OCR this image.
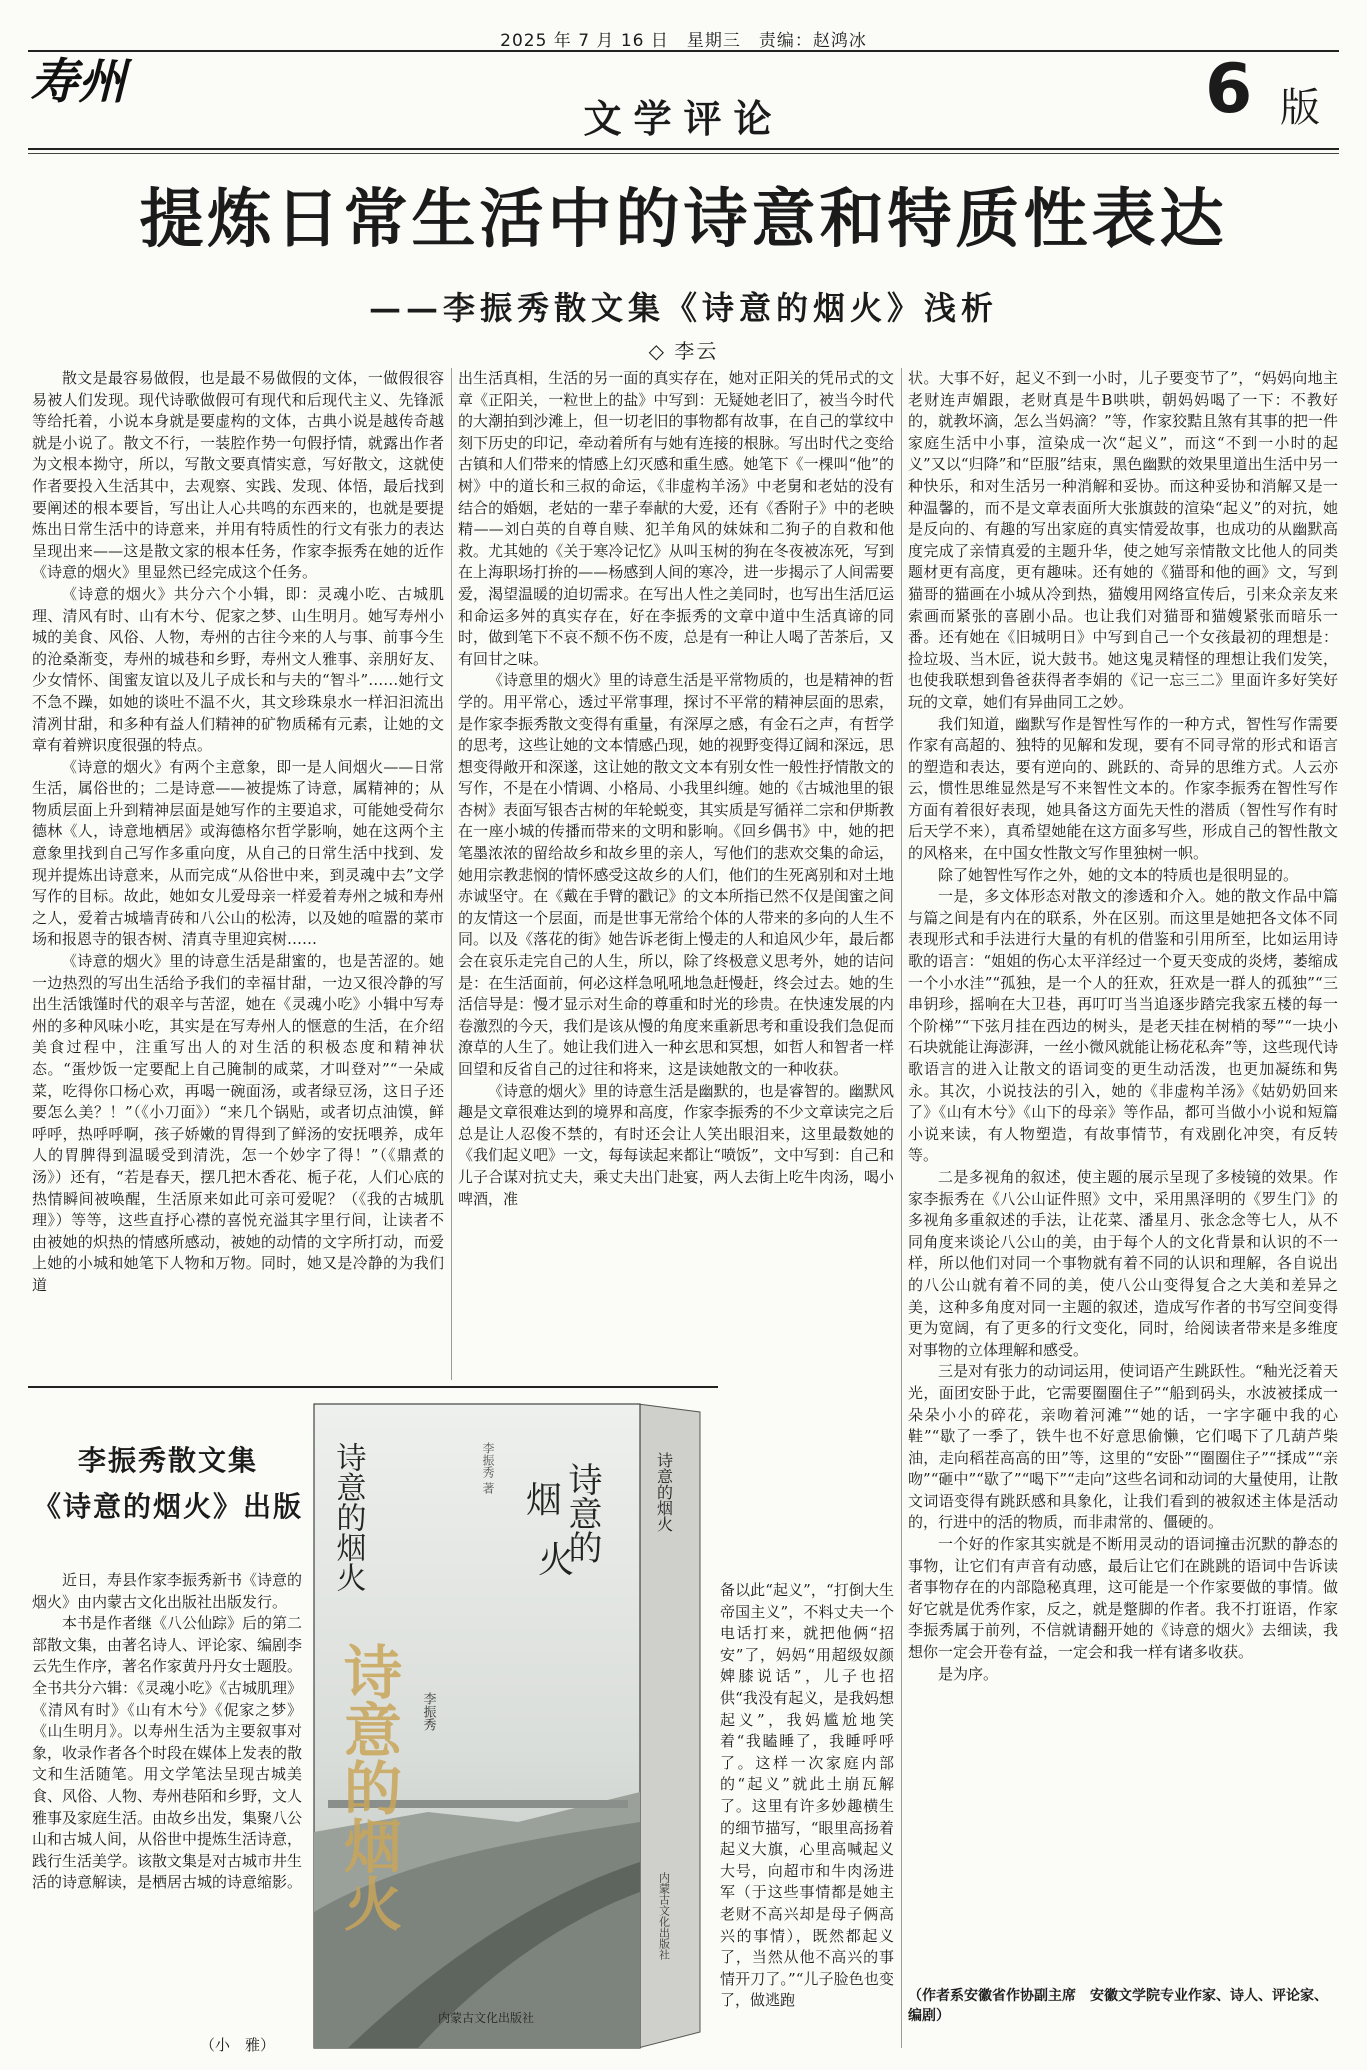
2025 年 7 月 16 日　星期三　责编：赵鸿冰
寿州
文学评论	6 版
提炼日常生活中的诗意和特质性表达
——李振秀散文集《诗意的烟火》浅析
◇ 李云

散文是最容易做假，也是最不易做假的文体，一做假很容易被人们发现。现代诗歌做假可有现代和后现代主义、先锋派等给托着，小说本身就是要虚构的文体，古典小说是越传奇越就是小说了。散文不行，一装腔作势一句假抒情，就露出作者为文根本拗守，所以，写散文要真情实意，写好散文，这就使作者要投入生活其中，去观察、实践、发现、体悟，最后找到要阐述的根本要旨，写出让人心共鸣的东西来的，也就是要提炼出日常生活中的诗意来，并用有特质性的行文有张力的表达呈现出来——这是散文家的根本任务，作家李振秀在她的近作《诗意的烟火》里显然已经完成这个任务。

《诗意的烟火》共分六个小辑，即：灵魂小吃、古城肌理、清风有时、山有木兮、伲家之梦、山生明月。她写寿州小城的美食、风俗、人物，寿州的古往今来的人与事、前事今生的沧桑渐变，寿州的城巷和乡野，寿州文人雅事、亲朋好友、少女情怀、闺蜜友谊以及儿子成长和与夫的“智斗”……她行文不急不躁，如她的谈吐不温不火，其文珍珠泉水一样汩汩流出清冽甘甜，和多种有益人们精神的矿物质稀有元素，让她的文章有着辨识度很强的特点。

《诗意的烟火》有两个主意象，即一是人间烟火——日常生活，属俗世的；二是诗意——被提炼了诗意，属精神的；从物质层面上升到精神层面是她写作的主要追求，可能她受荷尔德林《人，诗意地栖居》或海德格尔哲学影响，她在这两个主意象里找到自己写作多重向度，从自己的日常生活中找到、发现并提炼出诗意来，从而完成“从俗世中来，到灵魂中去”文学写作的目标。故此，她如女儿爱母亲一样爱着寿州之城和寿州之人，爱着古城墙青砖和八公山的松涛，以及她的喧嚣的菜市场和报恩寺的银杏树、清真寺里迎宾树……

《诗意的烟火》里的诗意生活是甜蜜的，也是苦涩的。她一边热烈的写出生活给予我们的幸福甘甜，一边又很冷静的写出生活饿馑时代的艰辛与苦涩，她在《灵魂小吃》小辑中写寿州的多种风味小吃，其实是在写寿州人的惬意的生活，在介绍美食过程中，注重写出人的对生活的积极态度和精神状态。“蛋炒饭一定要配上自己腌制的咸菜，才叫登对”“一朵咸菜，吃得你口杨心欢，再喝一碗面汤，或者绿豆汤，这日子还要怎么美？！”（《小刀面》）“来几个锅贴，或者切点油馍，鲜呼呼，热呼呼啊，孩子娇嫩的胃得到了鲜汤的安抚喂养，成年人的胃脾得到温暖受到清洗，怎一个妙字了得！”（《鼎煮的汤》）还有，“若是春天，摆几把木香花、栀子花，人们心底的热情瞬间被唤醒，生活原来如此可亲可爱呢？（《我的古城肌理》）等等，这些直抒心襟的喜悦充溢其字里行间，让读者不由被她的炽热的情感所感动，被她的动情的文字所打动，而爱上她的小城和她笔下人物和万物。同时，她又是冷静的为我们道

出生活真相，生活的另一面的真实存在，她对正阳关的凭吊式的文章《正阳关，一粒世上的盐》中写到：无疑她老旧了，被当今时代的大潮拍到沙滩上，但一切老旧的事物都有故事，在自己的掌纹中刻下历史的印记，牵动着所有与她有连接的根脉。写出时代之变给古镇和人们带来的情感上幻灭感和重生感。她笔下《一棵叫“他”的树》中的道长和三叔的命运，《非虚构羊汤》中老舅和老姑的没有结合的婚姻，老姑的一辈子奉献的大爱，还有《香附子》中的老映精——刘白英的自尊自赎、犯羊角风的妹妹和二狗子的自救和他救。尤其她的《关于寒冷记忆》从叫玉树的狗在冬夜被冻死，写到在上海职场打拚的——杨感到人间的寒冷，进一步揭示了人间需要爱，渴望温暖的迫切需求。在写出人性之美同时，也写出生活厄运和命运多舛的真实存在，好在李振秀的文章中道中生活真谛的同时，做到笔下不哀不颓不伤不废，总是有一种让人喝了苦茶后，又有回甘之味。

《诗意里的烟火》里的诗意生活是平常物质的，也是精神的哲学的。用平常心，透过平常事理，探讨不平常的精神层面的思索，是作家李振秀散文变得有重量，有深厚之感，有金石之声，有哲学的思考，这些让她的文本情感凸现，她的视野变得辽阔和深远，思想变得敞开和深遂，这让她的散文文本有别女性一般性抒情散文的写作，不是在小情调、小格局、小我里纠缠。她的《古城池里的银杏树》表面写银杏古树的年轮蜕变，其实质是写循祥二宗和伊斯教在一座小城的传播而带来的文明和影响。《回乡偶书》中，她的把笔墨浓浓的留给故乡和故乡里的亲人，写他们的悲欢交集的命运，她用宗教悲悯的情怀感受这故乡的人们，他们的生死离别和对土地赤诚坚守。在《戴在手臂的戳记》的文本所指已然不仅是闺蜜之间的友情这一个层面，而是世事无常给个体的人带来的多向的人生不同。以及《落花的街》她告诉老街上慢走的人和追风少年，最后都会在哀乐走完自己的人生，所以，除了终极意义思考外，她的诘问是：在生活面前，何必这样急吼吼地急赶慢赶，终会过去。她的生活信导是：慢才显示对生命的尊重和时光的珍贵。在快速发展的内卷激烈的今天，我们是该从慢的角度来重新思考和重设我们急促而潦草的人生了。她让我们进入一种玄思和冥想，如哲人和智者一样回望和反省自己的过往和将来，这是读她散文的一种收获。

《诗意的烟火》里的诗意生活是幽默的，也是睿智的。幽默风趣是文章很难达到的境界和高度，作家李振秀的不少文章读完之后总是让人忍俊不禁的，有时还会让人笑出眼泪来，这里最数她的《我们起义吧》一文，每每读起来都让“喷饭”，文中写到：自己和儿子合谋对抗丈夫，乘丈夫出门赴宴，两人去街上吃牛肉汤，喝小啤酒，准

备以此“起义”，“打倒大生帝国主义”，不料丈夫一个电话打来，就把他俩“招安”了，妈妈“用超级奴颜婢膝说话”，儿子也招供“我没有起义，是我妈想起义”，我妈尴尬地笑着“我瞌睡了，我睡呼呼了。这样一次家庭内部的“起义”就此土崩瓦解了。这里有许多妙趣横生的细节描写，“眼里高扬着起义大旗，心里高喊起义大号，向超市和牛肉汤进军（于这些事情都是她主老财不高兴却是母子俩高兴的事情），既然都起义了，当然从他不高兴的事情开刀了。”“儿子脸色也变了，做逃跑

状。大事不好，起义不到一小时，儿子要变节了”，“妈妈向地主老财连声媚跟，老财真是牛B哄哄，朝妈妈喝了一下：不教好的，就教坏滴，怎么当妈滴？”等，作家狡黠且煞有其事的把一件家庭生活中小事，渲染成一次“起义”，而这“不到一小时的起义”又以“归降”和“臣服”结束，黑色幽默的效果里道出生活中另一种快乐，和对生活另一种消解和妥协。而这种妥协和消解又是一种温馨的，而不是文章表面所大张旗鼓的渲染“起义”的对抗，她是反向的、有趣的写出家庭的真实情爱故事，也成功的从幽默高度完成了亲情真爱的主题升华，使之她写亲情散文比他人的同类题材更有高度，更有趣味。还有她的《猫哥和他的画》文，写到猫哥的猫画在小城从冷到热，猫嫂用网络宣传后，引来众亲友来索画而紧张的喜剧小品。也让我们对猫哥和猫嫂紧张而暗乐一番。还有她在《旧城明日》中写到自己一个女孩最初的理想是：捡垃圾、当木匠，说大鼓书。她这鬼灵精怪的理想让我们发笑，也使我联想到鲁爸获得者李娟的《记一忘三二》里面许多好笑好玩的文章，她们有异曲同工之妙。

我们知道，幽默写作是智性写作的一种方式，智性写作需要作家有高超的、独特的见解和发现，要有不同寻常的形式和语言的塑造和表达，要有逆向的、跳跃的、奇异的思维方式。人云亦云，惯性思维显然是写不来智性文本的。作家李振秀在智性写作方面有着很好表现，她具备这方面先天性的潜质（智性写作有时后天学不来），真希望她能在这方面多写些，形成自己的智性散文的风格来，在中国女性散文写作里独树一帜。

除了她智性写作之外，她的文本的特质也是很明显的。

一是，多文体形态对散文的渗透和介入。她的散文作品中篇与篇之间是有内在的联系，外在区别。而这里是她把各文体不同表现形式和手法进行大量的有机的借鉴和引用所至，比如运用诗歌的语言：“姐姐的伤心太平洋经过一个夏天变成的炎烤，萎缩成一个小水洼”“孤独，是一个人的狂欢，狂欢是一群人的孤独”“三串钥珍，摇响在大卫巷，再叮叮当当追逐步踏完我家五楼的每一个阶梯”“下弦月挂在西边的树头，是老天挂在树梢的琴”“一块小石块就能让海澎湃，一丝小微风就能让杨花私奔”等，这些现代诗歌语言的进入让散文的语词变的更生动活泼，也更加凝练和隽永。其次，小说技法的引入，她的《非虚构羊汤》《姑奶奶回来了》《山有木兮》《山下的母亲》等作品，都可当做小小说和短篇小说来读，有人物塑造，有故事情节，有戏剧化冲突，有反转等。

二是多视角的叙述，使主题的展示呈现了多棱镜的效果。作家李振秀在《八公山证件照》文中，采用黑泽明的《罗生门》的多视角多重叙述的手法，让花菜、潘星月、张念念等七人，从不同角度来谈论八公山的美，由于每个人的文化背景和认识的不一样，所以他们对同一个事物就有着不同的认识和理解，各自说出的八公山就有着不同的美，使八公山变得复合之大美和差异之美，这种多角度对同一主题的叙述，造成写作者的书写空间变得更为宽阔，有了更多的行文变化，同时，给阅读者带来是多维度对事物的立体理解和感受。

三是对有张力的动词运用，使词语产生跳跃性。“釉光泛着天光，面团安卧于此，它需要圈圈住子”“船到码头，水波被揉成一朵朵小小的碎花，亲吻着河滩”“她的话，一字字砸中我的心鞋”“歇了一季了，铁牛也不好意思偷懒，它们喝下了几葫芦柴油，走向稻茬高高的田”等，这里的“安卧”“圈圈住子”“揉成”“亲吻”“砸中”“歇了”“喝下”“走向”这些名词和动词的大量使用，让散文词语变得有跳跃感和具象化，让我们看到的被叙述主体是活动的，行进中的活的物质，而非肃常的、僵硬的。

一个好的作家其实就是不断用灵动的语词撞击沉默的静态的事物，让它们有声音有动感，最后让它们在跳跳的语词中告诉读者事物存在的内部隐秘真理，这可能是一个作家要做的事情。做好它就是优秀作家，反之，就是蹩脚的作者。我不打诳语，作家李振秀属于前列，不信就请翻开她的《诗意的烟火》去细读，我想你一定会开卷有益，一定会和我一样有诸多收获。

是为序。

（作者系安徽省作协副主席　安徽文学院专业作家、诗人、评论家、编剧）
李振秀散文集
《诗意的烟火》出版

近日，寿县作家李振秀新书《诗意的烟火》由内蒙古文化出版社出版发行。

本书是作者继《八公仙踪》后的第二部散文集，由著名诗人、评论家、编剧李云先生作序，著名作家黄丹丹女士题股。全书共分六辑：《灵魂小吃》《古城肌理》《清风有时》《山有木兮》《伲家之梦》《山生明月》。以寿州生活为主要叙事对象，收录作者各个时段在媒体上发表的散文和生活随笔。用文学笔法呈现古城美食、风俗、人物、寿州巷陌和乡野，文人雅事及家庭生活。由故乡出发，集聚八公山和古城人间，从俗世中提炼生活诗意，践行生活美学。该散文集是对古城市井生活的诗意解读，是栖居古城的诗意缩影。

（小　雅）
诗意的烟火
诗意的烟火	诗意的
烟
火
李振秀 著
李振秀
内蒙古文化出版社
诗意的烟火
内蒙古文化出版社
